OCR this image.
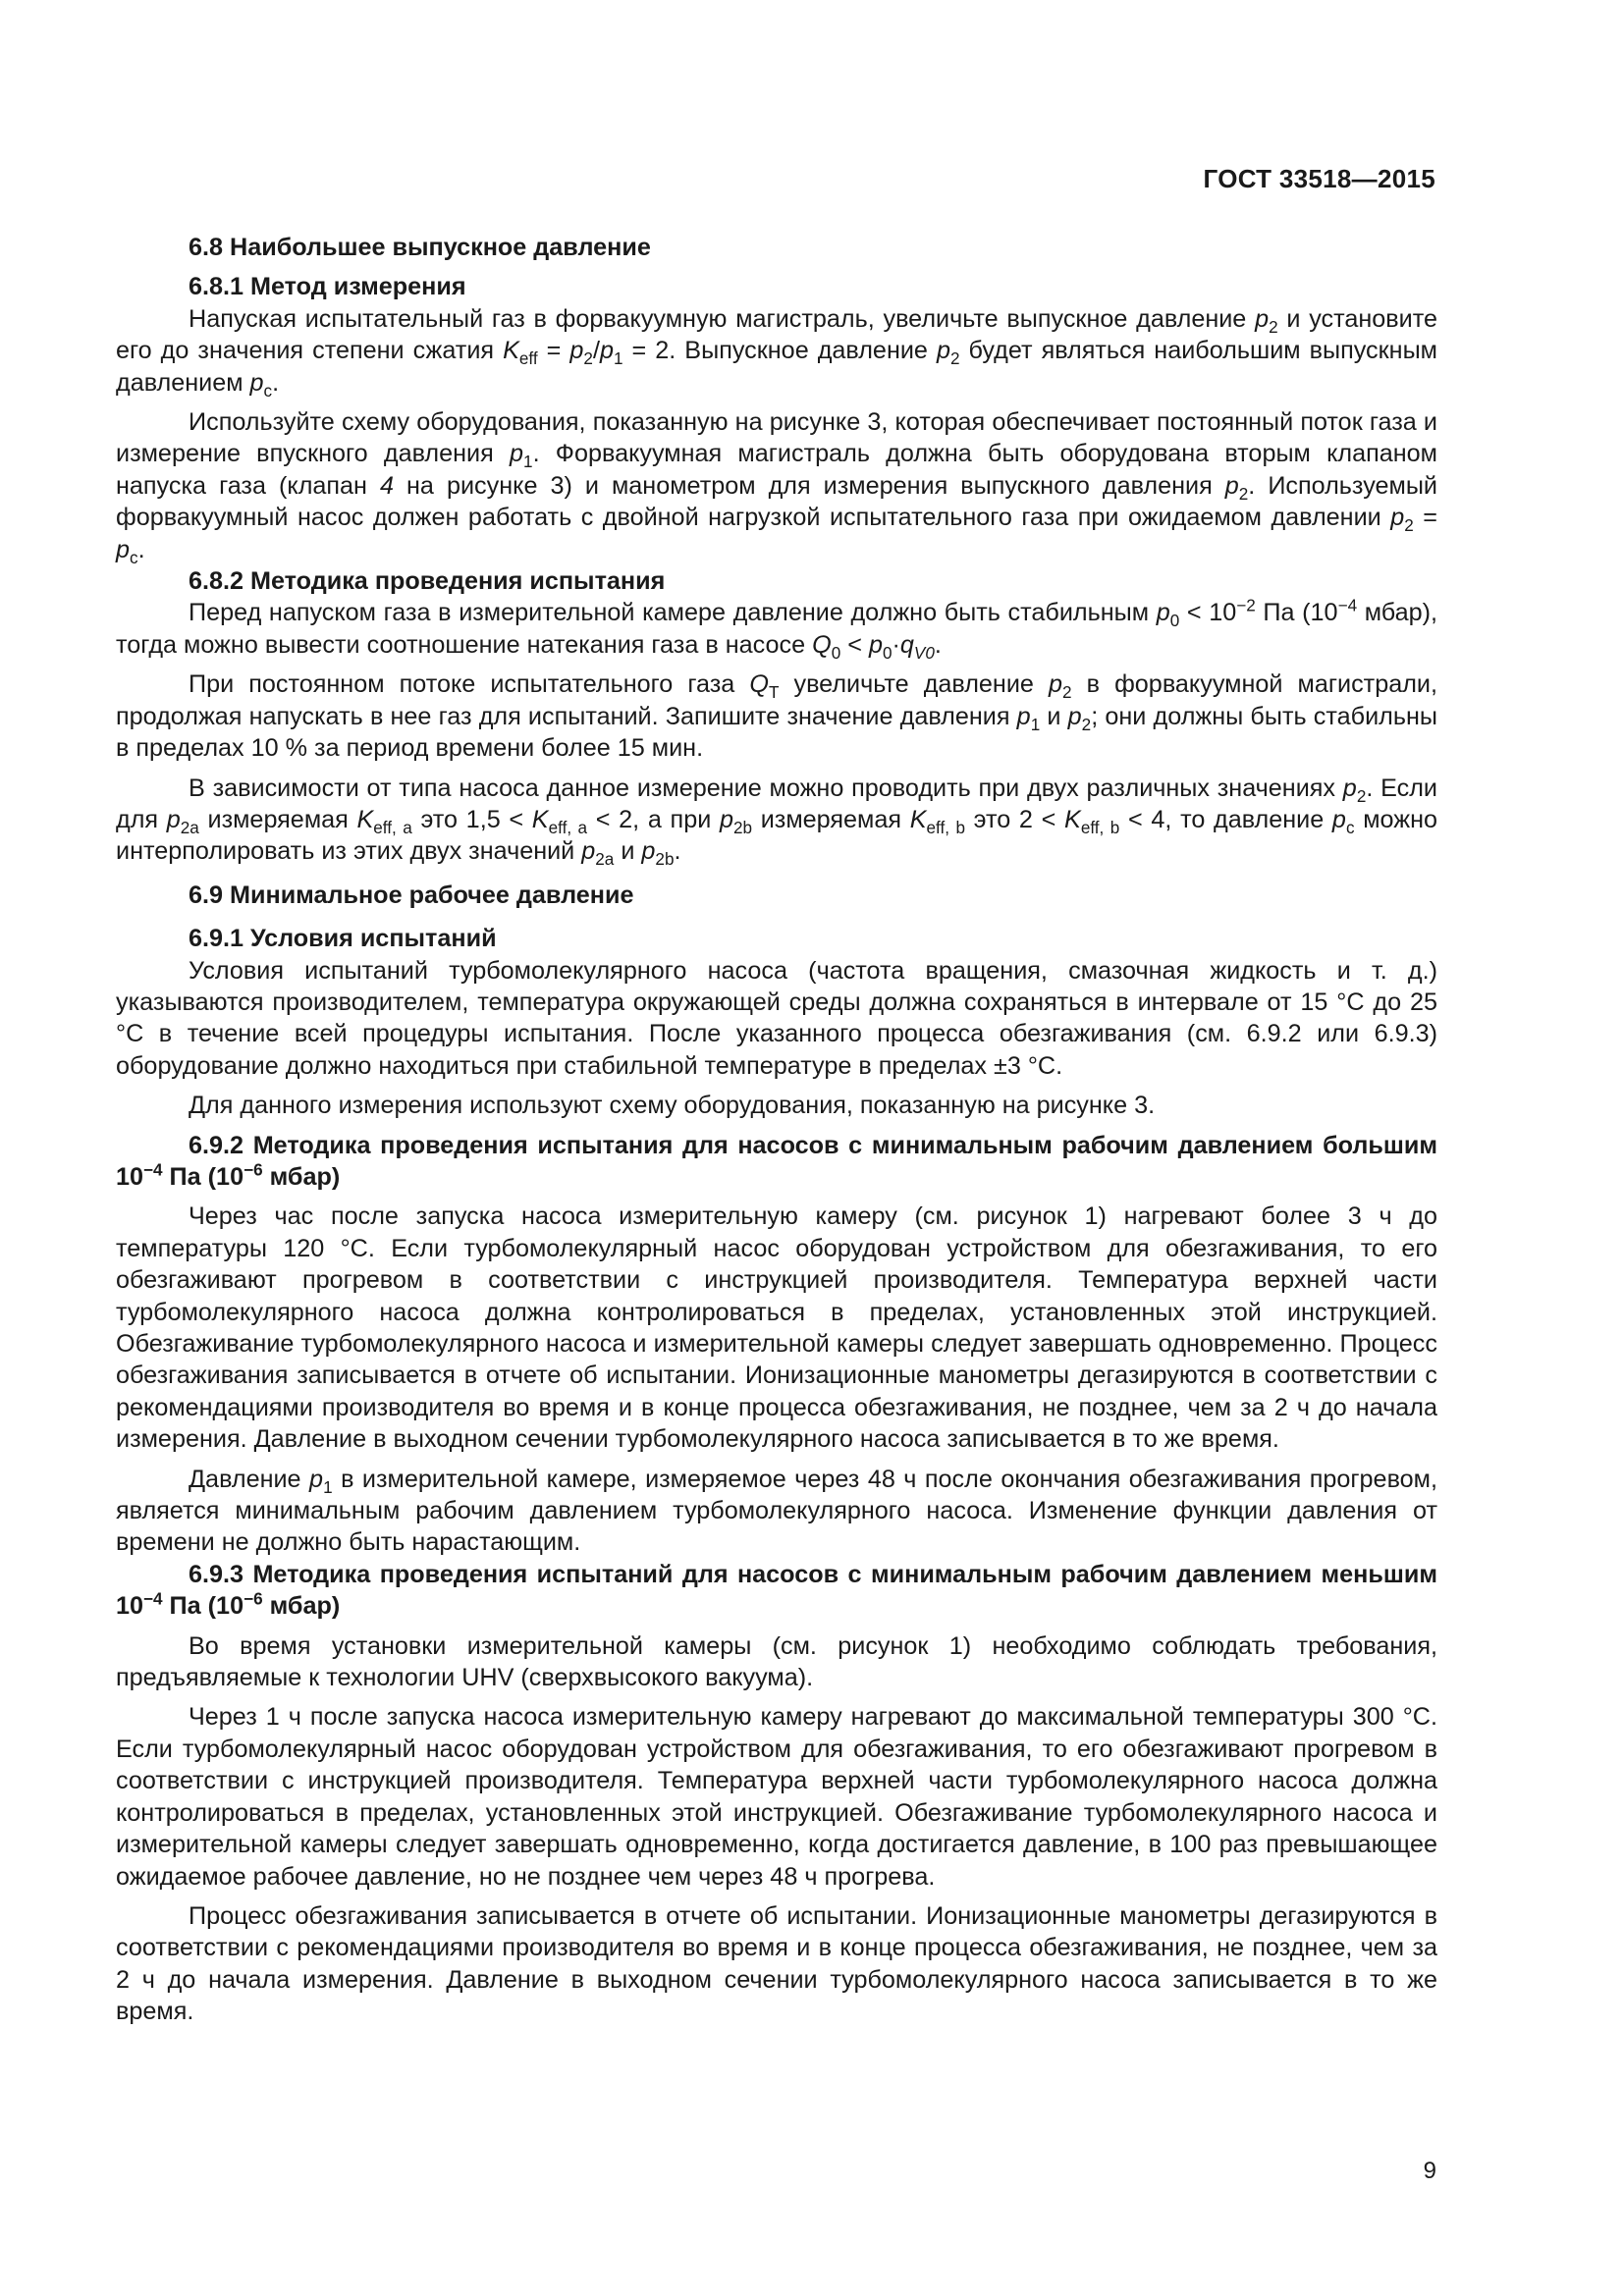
ГОСТ 33518—2015

6.8 Наибольшее выпускное давление

6.8.1 Метод измерения

Напуская испытательный газ в форвакуумную магистраль, увеличьте выпускное давление $p_2$ и установите его до значения степени сжатия $K_{eff} = p_2/p_1 = 2$. Выпускное давление $p_2$ будет являться наибольшим выпускным давлением $p_с$.

Используйте схему оборудования, показанную на рисунке 3, которая обеспечивает постоянный поток газа и измерение впускного давления $p_1$. Форвакуумная магистраль должна быть оборудована вторым клапаном напуска газа (клапан 4 на рисунке 3) и манометром для измерения выпускного давления $p_2$. Используемый форвакуумный насос должен работать с двойной нагрузкой испытательного газа при ожидаемом давлении $p_2 = p_с$.

6.8.2 Методика проведения испытания

Перед напуском газа в измерительной камере давление должно быть стабильным $p_0 < 10^{-2}$ Па ($10^{-4}$ мбар), тогда можно вывести соотношение натекания газа в насосе $Q_0 < p_0\cdot q_{V0}$.

При постоянном потоке испытательного газа $Q_T$ увеличьте давление $p_2$ в форвакуумной магистрали, продолжая напускать в нее газ для испытаний. Запишите значение давления $p_1$ и $p_2$; они должны быть стабильны в пределах 10 % за период времени более 15 мин.

В зависимости от типа насоса данное измерение можно проводить при двух различных значениях $p_2$. Если для $p_{2a}$ измеряемая $K_{eff, a}$ это $1,5 < K_{eff, a} < 2$, а при $p_{2b}$ измеряемая $K_{eff, b}$ это $2 < K_{eff, b} < 4$, то давление $p_с$ можно интерполировать из этих двух значений $p_{2a}$ и $p_{2b}$.

6.9 Минимальное рабочее давление

6.9.1 Условия испытаний

Условия испытаний турбомолекулярного насоса (частота вращения, смазочная жидкость и т. д.) указываются производителем, температура окружающей среды должна сохраняться в интервале от 15 °С до 25 °С в течение всей процедуры испытания. После указанного процесса обезгаживания (см. 6.9.2 или 6.9.3) оборудование должно находиться при стабильной температуре в пределах ±3 °С.

Для данного измерения используют схему оборудования, показанную на рисунке 3.

6.9.2 Методика проведения испытания для насосов с минимальным рабочим давлением большим $10^{-4}$ Па ($10^{-6}$ мбар)

Через час после запуска насоса измерительную камеру (см. рисунок 1) нагревают более 3 ч до температуры 120 °С. Если турбомолекулярный насос оборудован устройством для обезгаживания, то его обезгаживают прогревом в соответствии с инструкцией производителя. Температура верхней части турбомолекулярного насоса должна контролироваться в пределах, установленных этой инструкцией. Обезгаживание турбомолекулярного насоса и измерительной камеры следует завершать одновременно. Процесс обезгаживания записывается в отчете об испытании. Ионизационные манометры дегазируются в соответствии с рекомендациями производителя во время и в конце процесса обезгаживания, не позднее, чем за 2 ч до начала измерения. Давление в выходном сечении турбомолекулярного насоса записывается в то же время.

Давление $p_1$ в измерительной камере, измеряемое через 48 ч после окончания обезгаживания прогревом, является минимальным рабочим давлением турбомолекулярного насоса. Изменение функции давления от времени не должно быть нарастающим.

6.9.3 Методика проведения испытаний для насосов с минимальным рабочим давлением меньшим $10^{-4}$ Па ($10^{-6}$ мбар)

Во время установки измерительной камеры (см. рисунок 1) необходимо соблюдать требования, предъявляемые к технологии UHV (сверхвысокого вакуума).

Через 1 ч после запуска насоса измерительную камеру нагревают до максимальной температуры 300 °С. Если турбомолекулярный насос оборудован устройством для обезгаживания, то его обезгаживают прогревом в соответствии с инструкцией производителя. Температура верхней части турбомолекулярного насоса должна контролироваться в пределах, установленных этой инструкцией. Обезгаживание турбомолекулярного насоса и измерительной камеры следует завершать одновременно, когда достигается давление, в 100 раз превышающее ожидаемое рабочее давление, но не позднее чем через 48 ч прогрева.

Процесс обезгаживания записывается в отчете об испытании. Ионизационные манометры дегазируются в соответствии с рекомендациями производителя во время и в конце процесса обезгаживания, не позднее, чем за 2 ч до начала измерения. Давление в выходном сечении турбомолекулярного насоса записывается в то же время.

9
